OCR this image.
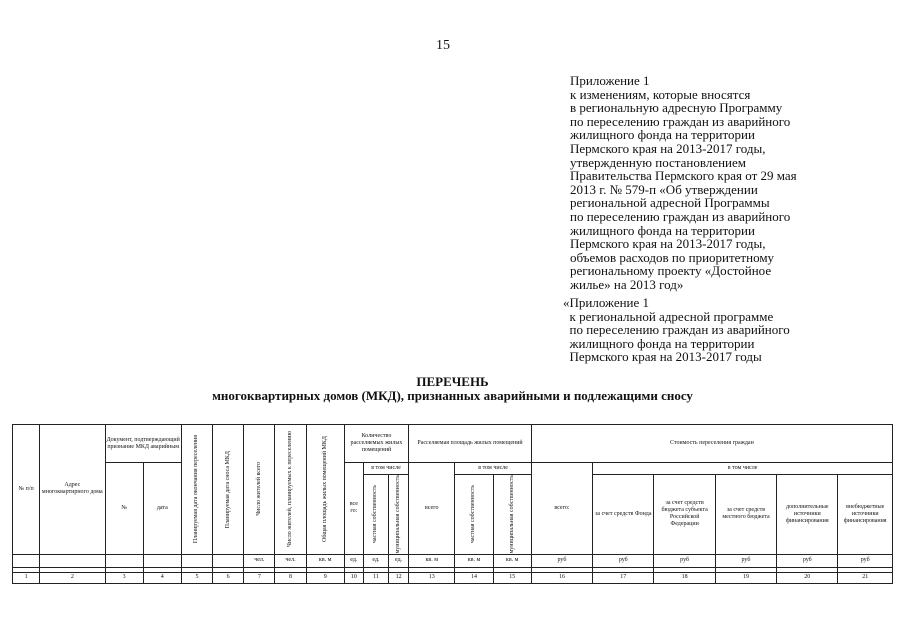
15
Приложение 1
к изменениям, которые вносятся
в региональную адресную Программу
по переселению граждан из аварийного
жилищного фонда на территории
Пермского края на 2013-2017 годы,
утвержденную постановлением
Правительства Пермского края от 29 мая
2013 г. № 579-п «Об утверждении
региональной адресной Программы
по переселению граждан из аварийного
жилищного фонда на территории
Пермского края на 2013-2017 годы,
объемов расходов по приоритетному
региональному проекту «Достойное
жилье» на 2013 год»
«Приложение 1
к региональной адресной программе
по переселению граждан из аварийного
жилищного фонда на территории
Пермского края на 2013-2017 годы
ПЕРЕЧЕНЬ
многоквартирных домов (МКД), признанных аварийными и подлежащими сносу
№ п/п	Адрес многоквартирного дома	Документ, подтверждающий признание МКД аварийным		Планируемая дата окончания переселения	Планируемая дата сноса МКД	Число жителей всего	Число жителей, планируемых к переселению	Общая площадь жилых помещений МКД	Количество расселяемых жилых помещений			Расселяемая площадь жилых помещений			Стоимость переселения граждан					
		№	дата						все го:	в том числе		всего	в том числе		всего:	в том числе				

										частная собственность	муниципальная собственность		частная собственность	муниципальная собственность		за счет средств Фонда	за счет средств бюджета субъекта Российской Федерации	за счет средств местного бюджета	дополнительные источники финансирования	внебюджетные источники финансирования
						чел.	чел.	кв. м	ед.	ед.	ед.	кв. м	кв. м	кв. м	руб	руб	руб	руб	руб	руб

1	2	3	4	5	6	7	8	9	10	11	12	13	14	15	16	17	18	19	20	21
